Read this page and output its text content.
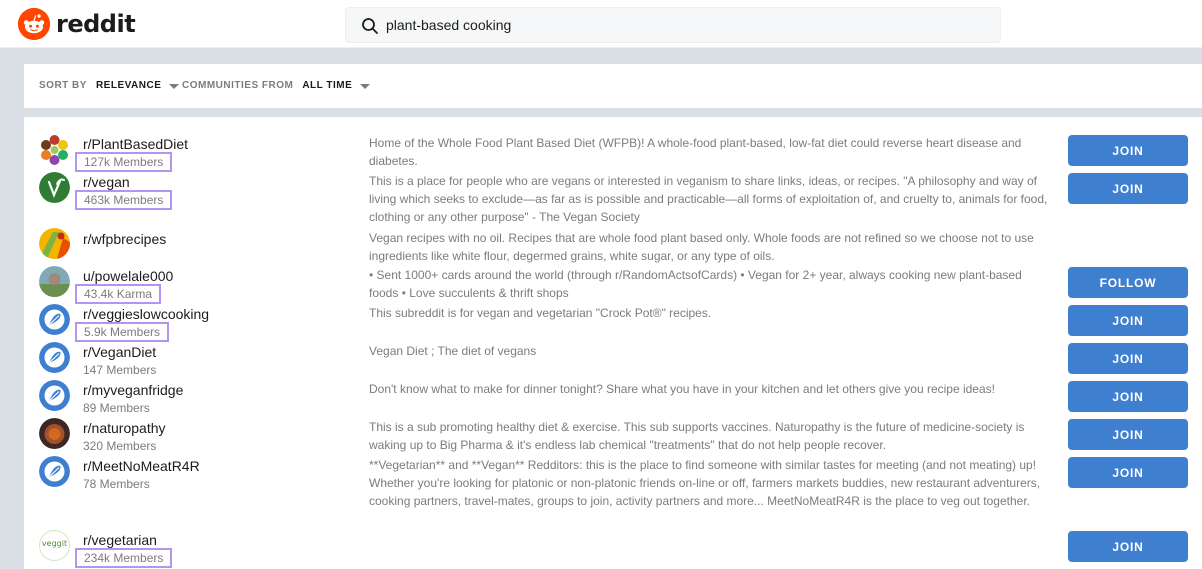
reddit
plant-based cooking
SORT BY RELEVANCE COMMUNITIES FROM ALL TIME
r/PlantBasedDiet
127k Members
Home of the Whole Food Plant Based Diet (WFPB)! A whole-food plant-based, low-fat diet could reverse heart disease and diabetes.
JOIN
r/vegan
463k Members
This is a place for people who are vegans or interested in veganism to share links, ideas, or recipes. "A philosophy and way of living which seeks to exclude—as far as is possible and practicable—all forms of exploitation of, and cruelty to, animals for food, clothing or any other purpose" - The Vegan Society
JOIN
r/wfpbrecipes	Vegan recipes with no oil. Recipes that are whole food plant based only. Whole foods are not refined so we choose not to use ingredients like white flour, degermed grains, white sugar, or any type of oils.
u/powelale000
43.4k Karma
• Sent 1000+ cards around the world (through r/RandomActsofCards) • Vegan for 2+ year, always cooking new plant-based foods • Love succulents & thrift shops
FOLLOW
r/veggieslowcooking
5.9k Members
This subreddit is for vegan and vegetarian "Crock Pot®" recipes.
JOIN
r/VeganDiet
147 Members
Vegan Diet ; The diet of vegans
JOIN
r/myveganfridge
89 Members
Don't know what to make for dinner tonight? Share what you have in your kitchen and let others give you recipe ideas!
JOIN
r/naturopathy
320 Members
This is a sub promoting healthy diet & exercise. This sub supports vaccines. Naturopathy is the future of medicine-society is waking up to Big Pharma & it's endless lab chemical "treatments" that do not help people recover.
JOIN
r/MeetNoMeatR4R
78 Members
**Vegetarian** and **Vegan** Redditors: this is the place to find someone with similar tastes for meeting (and not meating) up! Whether you're looking for platonic or non-platonic friends on-line or off, farmers markets buddies, new restaurant adventurers, cooking partners, travel-mates, groups to join, activity partners and more... MeetNoMeatR4R is the place to veg out together.
JOIN
veggit r/vegetarian
234k Members
JOIN
